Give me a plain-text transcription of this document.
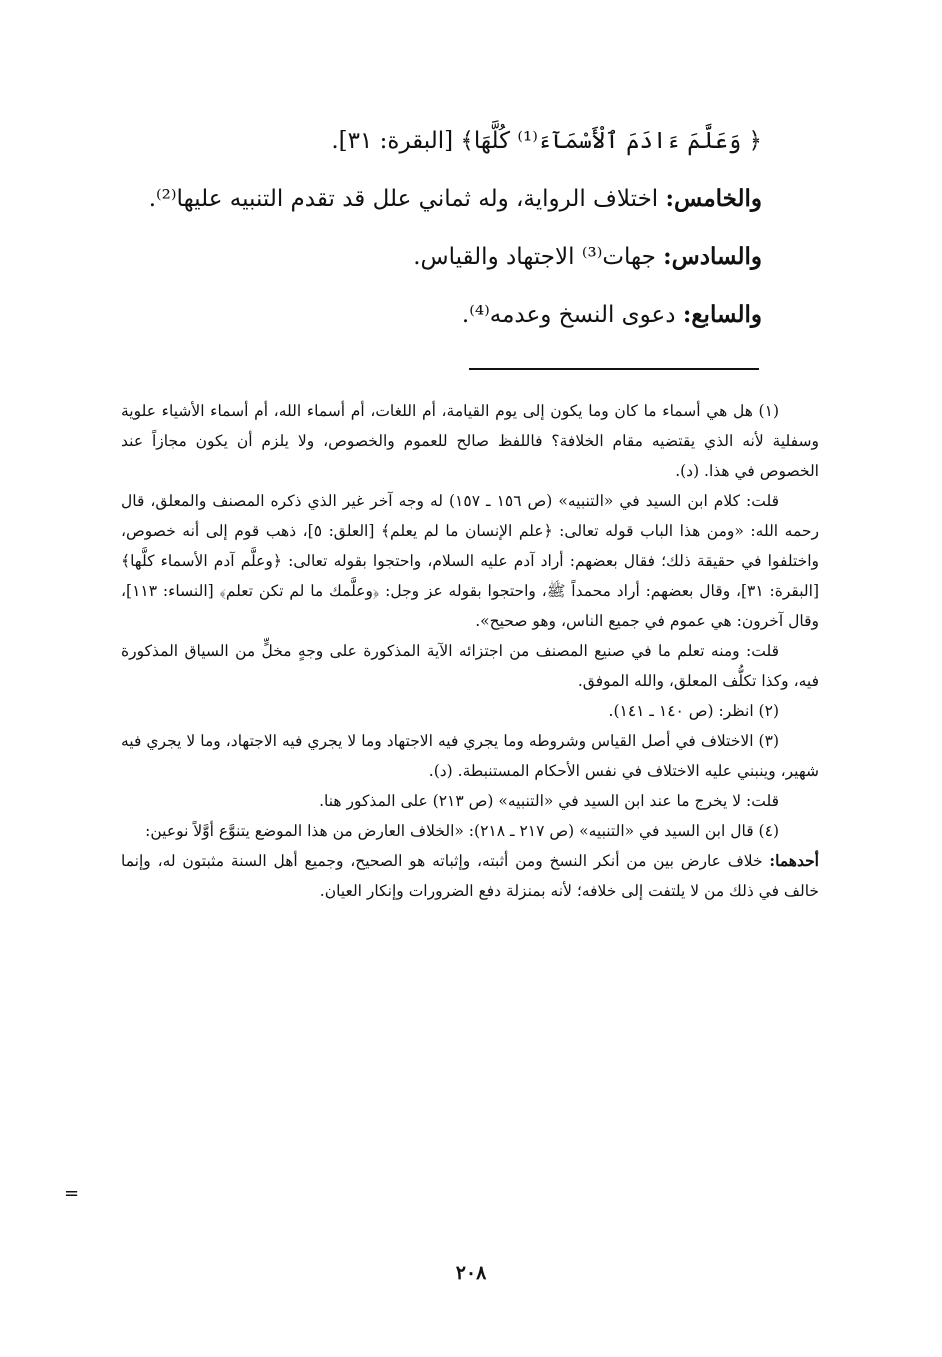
﴿ وَعَلَّمَ ءَادَمَ ٱلْأَسْمَآءَ⁽¹⁾ كُلَّهَا﴾ [البقرة: ٣١].
والخامس: اختلاف الرواية، وله ثماني علل قد تقدم التنبيه عليها⁽²⁾.
والسادس: جهات⁽³⁾ الاجتهاد والقياس.
والسابع: دعوى النسخ وعدمه⁽⁴⁾.

(١) هل هي أسماء ما كان وما يكون إلى يوم القيامة، أم اللغات، أم أسماء الله، أم أسماء الأشياء علوية وسفلية لأنه الذي يقتضيه مقام الخلافة؟ فاللفظ صالح للعموم والخصوص، ولا يلزم أن يكون مجازاً عند الخصوص في هذا. (د).

قلت: كلام ابن السيد في «التنبيه» (ص ١٥٦ ـ ١٥٧) له وجه آخر غير الذي ذكره المصنف والمعلق، قال رحمه الله: «ومن هذا الباب قوله تعالى: ﴿علم الإنسان ما لم يعلم﴾ [العلق: ٥]، ذهب قوم إلى أنه خصوص، واختلفوا في حقيقة ذلك؛ فقال بعضهم: أراد آدم عليه السلام، واحتجوا بقوله تعالى: ﴿وعلَّم آدم الأسماء كلَّها﴾ [البقرة: ٣١]، وقال بعضهم: أراد محمداً ﷺ، واحتجوا بقوله عز وجل: ﴿وعلَّمك ما لم تكن تعلم﴾ [النساء: ١١٣]، وقال آخرون: هي عموم في جميع الناس، وهو صحيح».

قلت: ومنه تعلم ما في صنيع المصنف من اجتزائه الآية المذكورة على وجهٍ مخلٍّ من السياق المذكورة فيه، وكذا تكلُّف المعلق، والله الموفق.

(٢) انظر: (ص ١٤٠ ـ ١٤١).

(٣) الاختلاف في أصل القياس وشروطه وما يجري فيه الاجتهاد وما لا يجري فيه الاجتهاد، وما لا يجري فيه شهير، وينبني عليه الاختلاف في نفس الأحكام المستنبطة. (د).

قلت: لا يخرج ما عند ابن السيد في «التنبيه» (ص ٢١٣) على المذكور هنا.

(٤) قال ابن السيد في «التنبيه» (ص ٢١٧ ـ ٢١٨): «الخلاف العارض من هذا الموضع يتنوَّع أوَّلاً نوعين:

أحدهما: خلاف عارض بين من أنكر النسخ ومن أثبته، وإثباته هو الصحيح، وجميع أهل السنة مثبتون له، وإنما خالف في ذلك من لا يلتفت إلى خلافه؛ لأنه بمنزلة دفع الضرورات وإنكار العيان.

=
٢٠٨
